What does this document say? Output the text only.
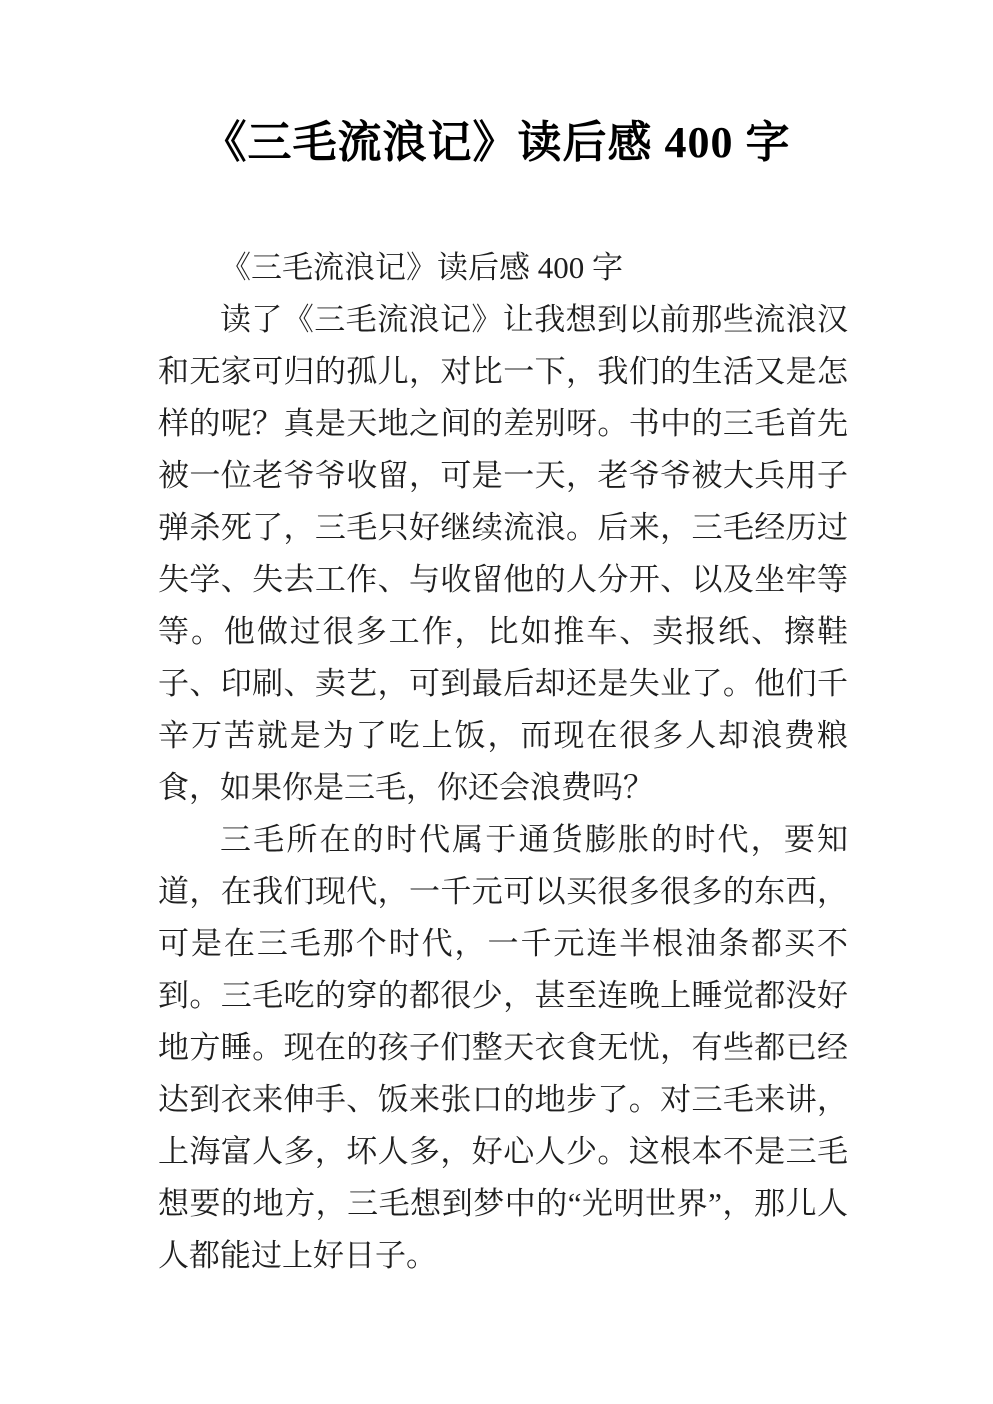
《三毛流浪记》读后感 400 字

《三毛流浪记》读后感 400 字

读了《三毛流浪记》让我想到以前那些流浪汉和无家可归的孤儿，对比一下，我们的生活又是怎样的呢？真是天地之间的差别呀。书中的三毛首先被一位老爷爷收留，可是一天，老爷爷被大兵用子弹杀死了，三毛只好继续流浪。后来，三毛经历过失学、失去工作、与收留他的人分开、以及坐牢等等。他做过很多工作，比如推车、卖报纸、擦鞋子、印刷、卖艺，可到最后却还是失业了。他们千辛万苦就是为了吃上饭，而现在很多人却浪费粮食，如果你是三毛，你还会浪费吗？

三毛所在的时代属于通货膨胀的时代，要知道，在我们现代，一千元可以买很多很多的东西，可是在三毛那个时代，一千元连半根油条都买不到。三毛吃的穿的都很少，甚至连晚上睡觉都没好地方睡。现在的孩子们整天衣食无忧，有些都已经达到衣来伸手、饭来张口的地步了。对三毛来讲，上海富人多，坏人多，好心人少。这根本不是三毛想要的地方，三毛想到梦中的“光明世界”，那儿人人都能过上好日子。
